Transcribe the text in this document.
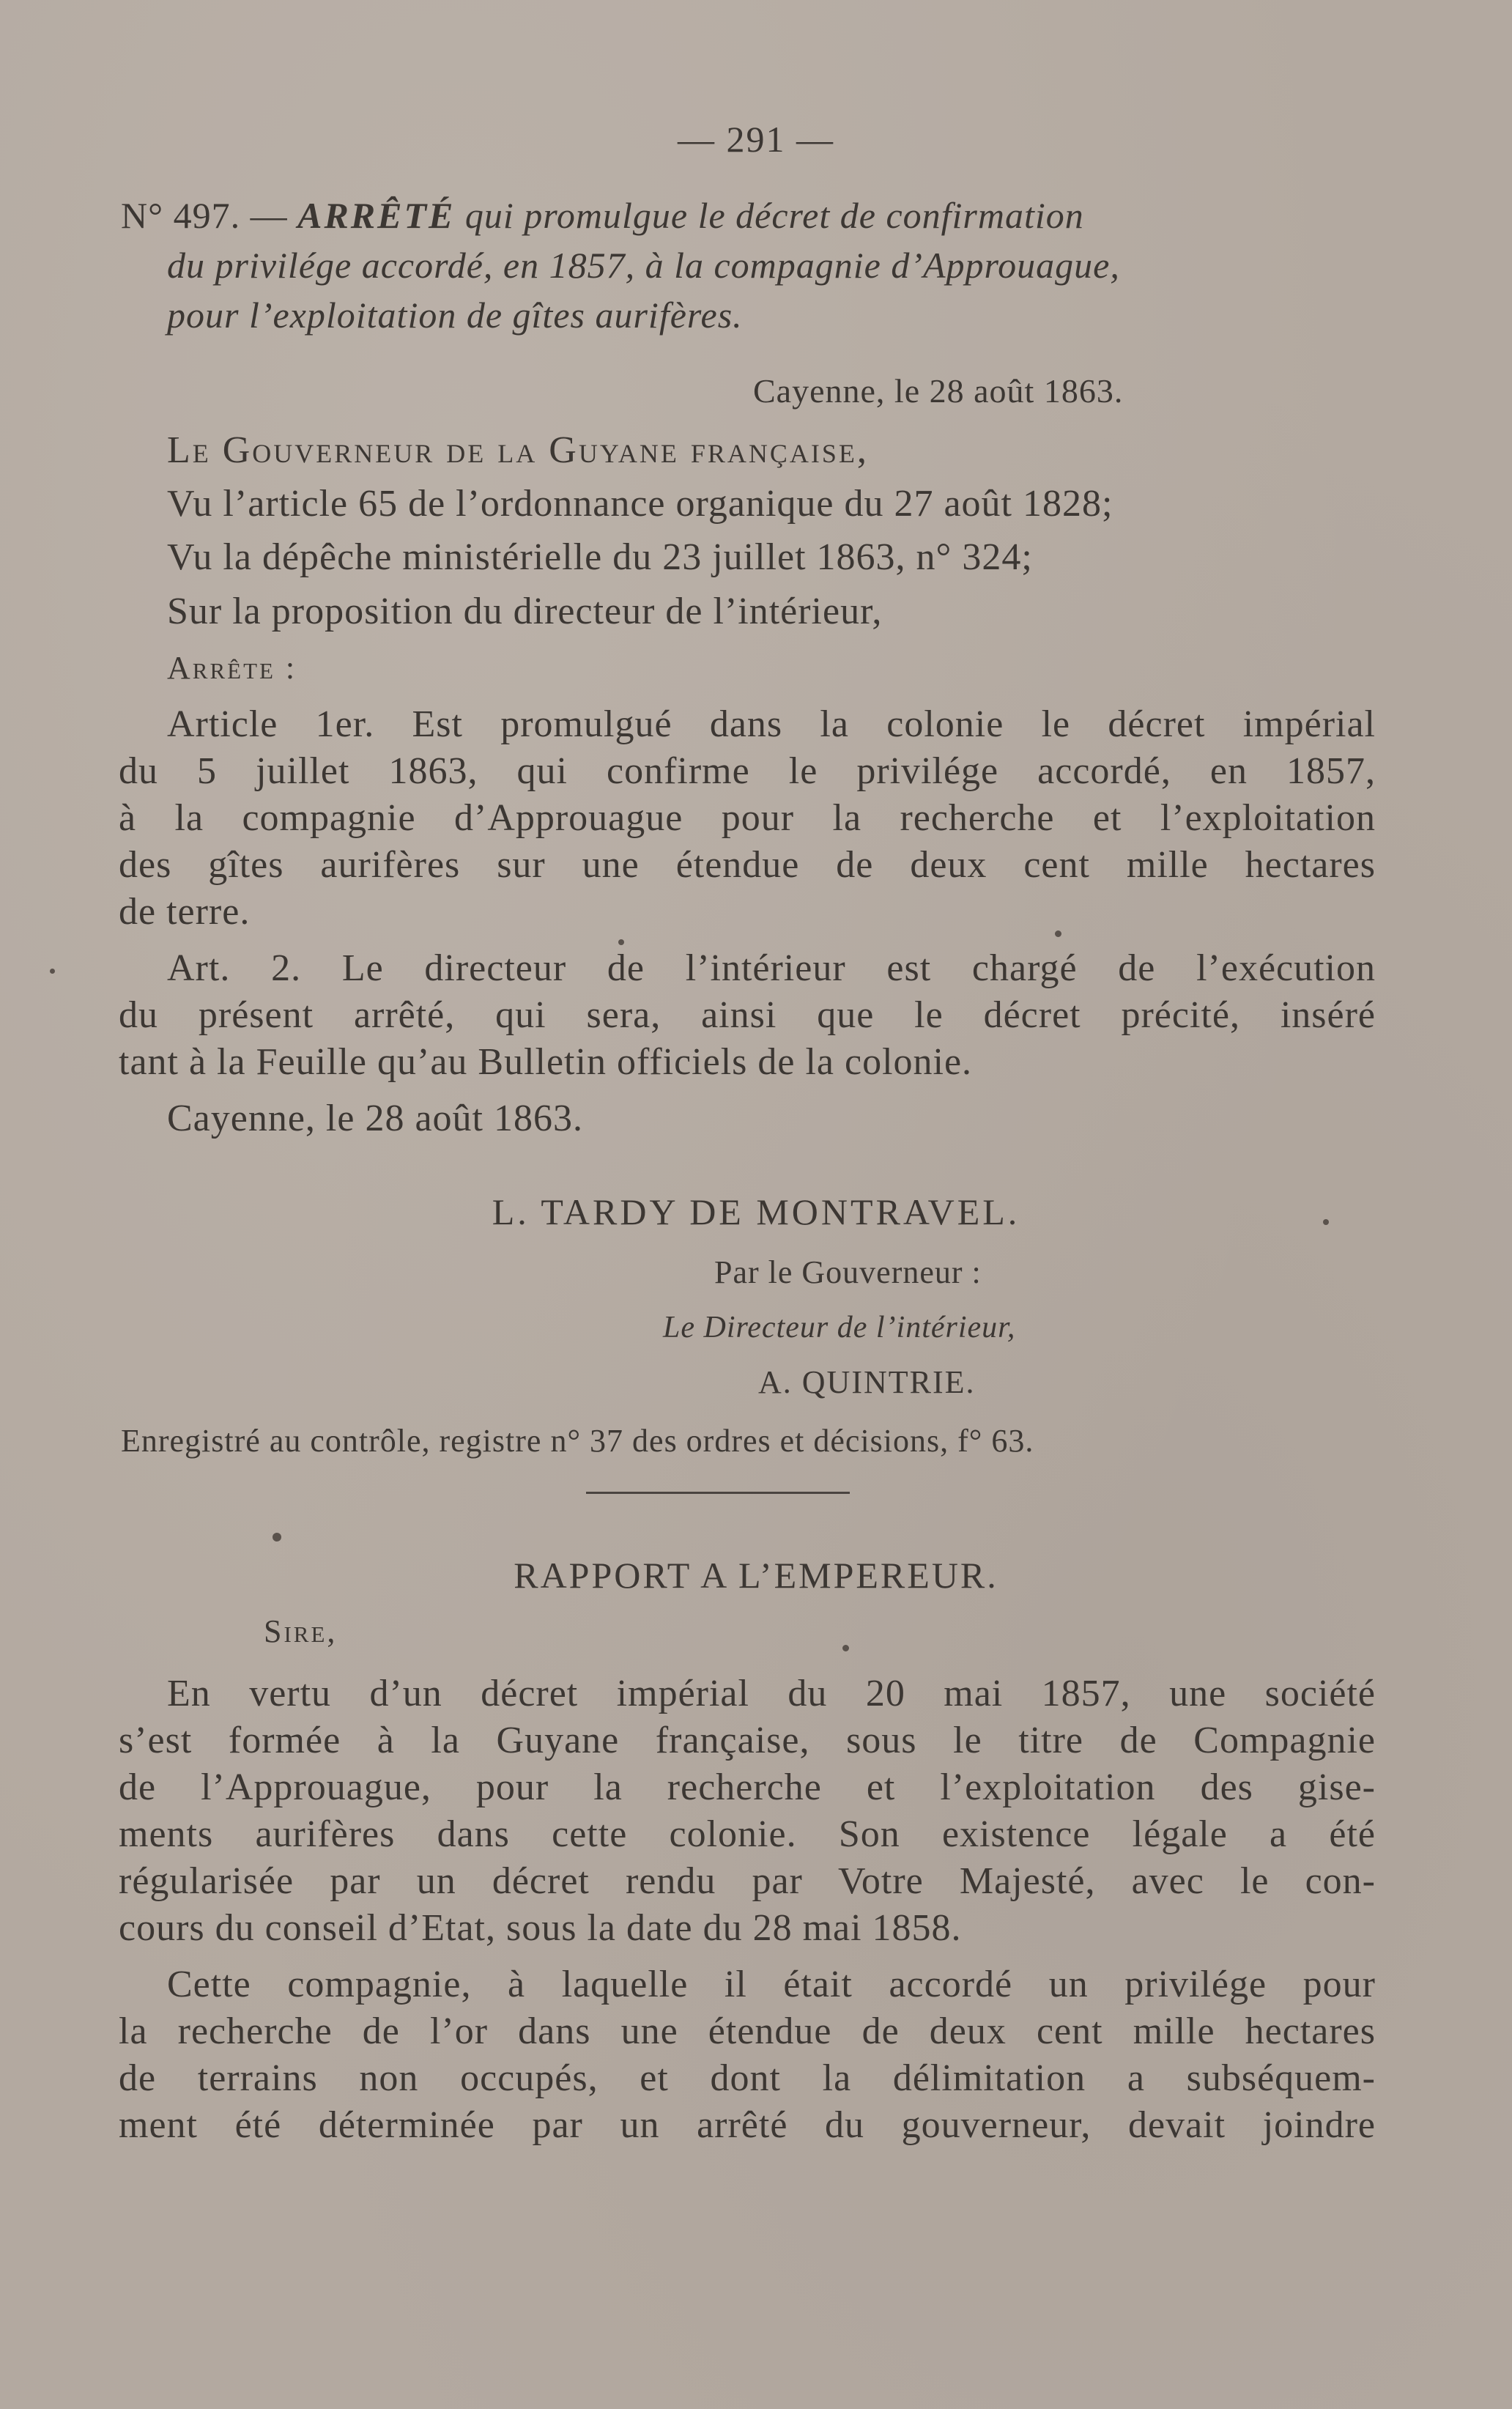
— 291 —
N° 497. — ARRÊTÉ qui promulgue le décret de confirmation
du privilége accordé, en 1857, à la compagnie d’Approuague,
pour l’exploitation de gîtes aurifères.
Cayenne, le 28 août 1863.
Le Gouverneur de la Guyane française,
Vu l’article 65 de l’ordonnance organique du 27 août 1828;
Vu la dépêche ministérielle du 23 juillet 1863, n° 324;
Sur la proposition du directeur de l’intérieur,
Arrête :
Article 1er. Est promulgué dans la colonie le décret impérial
du 5 juillet 1863, qui confirme le privilége accordé, en 1857,
à la compagnie d’Approuague pour la recherche et l’exploitation
des gîtes aurifères sur une étendue de deux cent mille hectares
de terre.
Art. 2. Le directeur de l’intérieur est chargé de l’exécution
du présent arrêté, qui sera, ainsi que le décret précité, inséré
tant à la Feuille qu’au Bulletin officiels de la colonie.
Cayenne, le 28 août 1863.
L. TARDY DE MONTRAVEL.
Par le Gouverneur :
Le Directeur de l’intérieur,
A. QUINTRIE.
Enregistré au contrôle, registre n° 37 des ordres et décisions, f° 63.
RAPPORT A L’EMPEREUR.
Sire,
En vertu d’un décret impérial du 20 mai 1857, une société
s’est formée à la Guyane française, sous le titre de Compagnie
de l’Approuague, pour la recherche et l’exploitation des gise-
ments aurifères dans cette colonie. Son existence légale a été
régularisée par un décret rendu par Votre Majesté, avec le con-
cours du conseil d’Etat, sous la date du 28 mai 1858.
Cette compagnie, à laquelle il était accordé un privilége pour
la recherche de l’or dans une étendue de deux cent mille hectares
de terrains non occupés, et dont la délimitation a subséquem-
ment été déterminée par un arrêté du gouverneur, devait joindre
